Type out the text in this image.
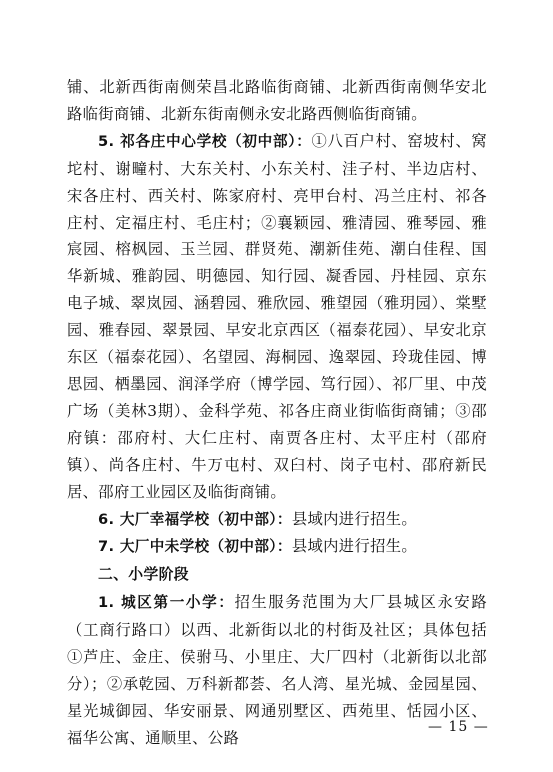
铺、北新西街南侧荣昌北路临街商铺、北新西街南侧华安北路临街商铺、北新东街南侧永安北路西侧临街商铺。

5. 祁各庄中心学校（初中部）：①八百户村、窑坡村、窝坨村、谢疃村、大东关村、小东关村、洼子村、半边店村、宋各庄村、西关村、陈家府村、亮甲台村、冯兰庄村、祁各庄村、定福庄村、毛庄村；②襄颖园、雅清园、雅琴园、雅宸园、榕枫园、玉兰园、群贤苑、潮新佳苑、潮白佳程、国华新城、雅韵园、明德园、知行园、凝香园、丹桂园、京东电子城、翠岚园、涵碧园、雅欣园、雅望园（雅玥园）、棠墅园、雅春园、翠景园、早安北京西区（福泰花园）、早安北京东区（福泰花园）、名望园、海桐园、逸翠园、玲珑佳园、博思园、栖墨园、润泽学府（博学园、笃行园）、祁厂里、中茂广场（美林3期）、金科学苑、祁各庄商业街临街商铺；③邵府镇：邵府村、大仁庄村、南贾各庄村、太平庄村（邵府镇）、尚各庄村、牛万屯村、双臼村、岗子屯村、邵府新民居、邵府工业园区及临街商铺。

6. 大厂幸福学校（初中部）：县域内进行招生。

7. 大厂中未学校（初中部）：县域内进行招生。

二、小学阶段

1. 城区第一小学：招生服务范围为大厂县城区永安路（工商行路口）以西、北新街以北的村街及社区；具体包括①芦庄、金庄、侯驸马、小里庄、大厂四村（北新街以北部分）；②承乾园、万科新都荟、名人湾、星光城、金园星园、星光城御园、华安丽景、网通别墅区、西苑里、恬园小区、福华公寓、通顺里、公路

— 15 —
